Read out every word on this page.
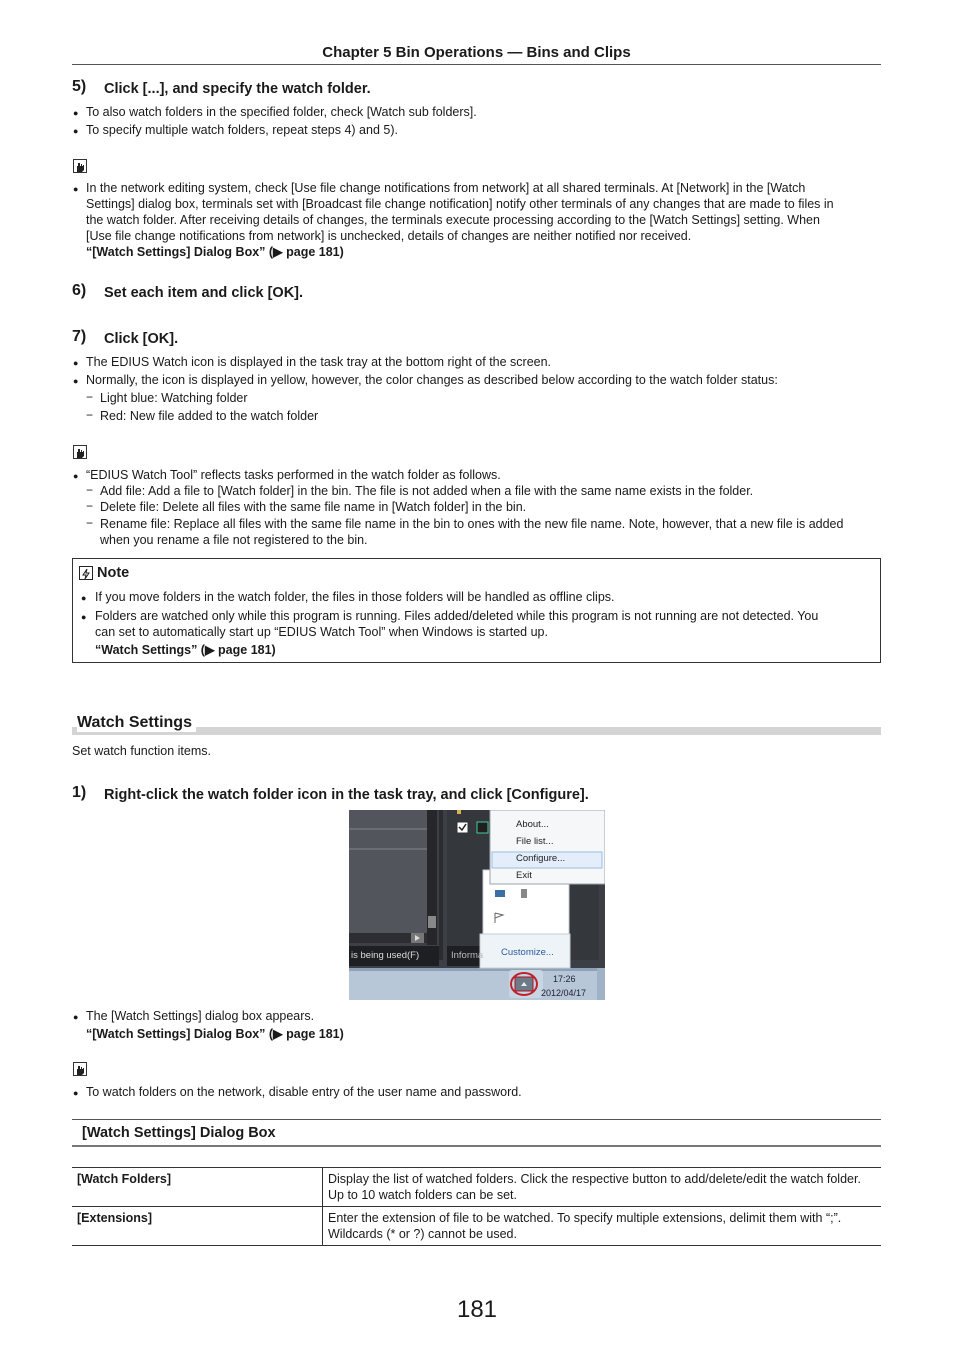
Chapter 5 Bin Operations — Bins and Clips
5) Click [...], and specify the watch folder.
● To also watch folders in the specified folder, check [Watch sub folders].
● To specify multiple watch folders, repeat steps 4) and 5).
● In the network editing system, check [Use file change notifications from network] at all shared terminals. At [Network] in the [Watch
Settings] dialog box, terminals set with [Broadcast file change notification] notify other terminals of any changes that are made to files in
the watch folder. After receiving details of changes, the terminals execute processing according to the [Watch Settings] setting. When
[Use file change notifications from network] is unchecked, details of changes are neither notified nor received.
“[Watch Settings] Dialog Box” (▶ page 181)
6) Set each item and click [OK].
7) Click [OK].
● The EDIUS Watch icon is displayed in the task tray at the bottom right of the screen.
● Normally, the icon is displayed in yellow, however, the color changes as described below according to the watch folder status:
− Light blue: Watching folder
− Red: New file added to the watch folder
● “EDIUS Watch Tool” reflects tasks performed in the watch folder as follows.
− Add file: Add a file to [Watch folder] in the bin. The file is not added when a file with the same name exists in the folder.
− Delete file: Delete all files with the same file name in [Watch folder] in the bin.
− Rename file: Replace all files with the same file name in the bin to ones with the new file name. Note, however, that a new file is added
when you rename a file not registered to the bin.
Note
● If you move folders in the watch folder, the files in those folders will be handled as offline clips.
● Folders are watched only while this program is running. Files added/deleted while this program is not running are not detected. You
can set to automatically start up “EDIUS Watch Tool” when Windows is started up.
“Watch Settings” (▶ page 181)
Watch Settings
Set watch function items.
1) Right-click the watch folder icon in the task tray, and click [Configure].
About...
File list...
Configure...
Exit
Customize...
is being used(F)	Informa
17:26
2012/04/17
● The [Watch Settings] dialog box appears.
“[Watch Settings] Dialog Box” (▶ page 181)
● To watch folders on the network, disable entry of the user name and password.
[Watch Settings] Dialog Box
[Watch Folders]	Display the list of watched folders. Click the respective button to add/delete/edit the watch folder. Up to 10 watch folders can be set.
[Extensions]	Enter the extension of file to be watched. To specify multiple extensions, delimit them with “;”. Wildcards (* or ?) cannot be used.
181
